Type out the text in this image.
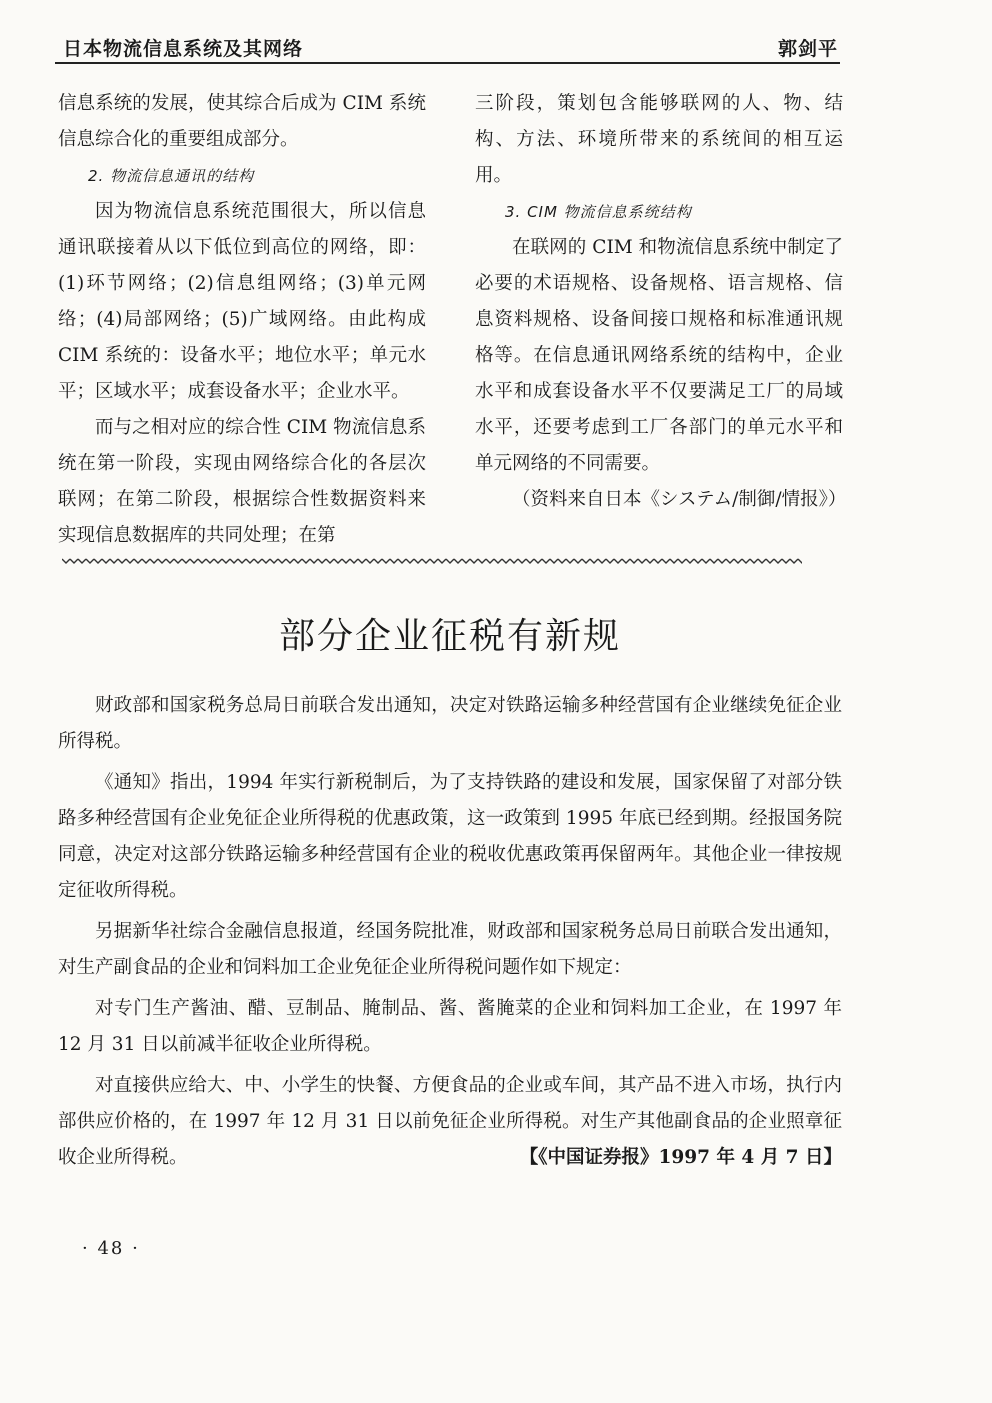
日本物流信息系统及其网络	郭剑平

信息系统的发展，使其综合后成为 CIM 系统信息综合化的重要组成部分。

2. 物流信息通讯的结构

因为物流信息系统范围很大，所以信息通讯联接着从以下低位到高位的网络，即：(1)环节网络；(2)信息组网络；(3)单元网络；(4)局部网络；(5)广域网络。由此构成 CIM 系统的：设备水平；地位水平；单元水平；区域水平；成套设备水平；企业水平。

而与之相对应的综合性 CIM 物流信息系统在第一阶段，实现由网络综合化的各层次联网；在第二阶段，根据综合性数据资料来实现信息数据库的共同处理；在第

三阶段，策划包含能够联网的人、物、结构、方法、环境所带来的系统间的相互运用。

3. CIM 物流信息系统结构

在联网的 CIM 和物流信息系统中制定了必要的术语规格、设备规格、语言规格、信息资料规格、设备间接口规格和标准通讯规格等。在信息通讯网络系统的结构中，企业水平和成套设备水平不仅要满足工厂的局域水平，还要考虑到工厂各部门的单元水平和单元网络的不同需要。

（资料来自日本《システム/制御/情报》）

部分企业征税有新规

财政部和国家税务总局日前联合发出通知，决定对铁路运输多种经营国有企业继续免征企业所得税。

《通知》指出，1994 年实行新税制后，为了支持铁路的建设和发展，国家保留了对部分铁路多种经营国有企业免征企业所得税的优惠政策，这一政策到 1995 年底已经到期。经报国务院同意，决定对这部分铁路运输多种经营国有企业的税收优惠政策再保留两年。其他企业一律按规定征收所得税。

另据新华社综合金融信息报道，经国务院批准，财政部和国家税务总局日前联合发出通知，对生产副食品的企业和饲料加工企业免征企业所得税问题作如下规定：

对专门生产酱油、醋、豆制品、腌制品、酱、酱腌菜的企业和饲料加工企业，在 1997 年 12 月 31 日以前减半征收企业所得税。

对直接供应给大、中、小学生的快餐、方便食品的企业或车间，其产品不进入市场，执行内部供应价格的，在 1997 年 12 月 31 日以前免征企业所得税。对生产其他副食品的企业照章征收企业所得税。	【《中国证券报》1997 年 4 月 7 日】

· 48 ·
